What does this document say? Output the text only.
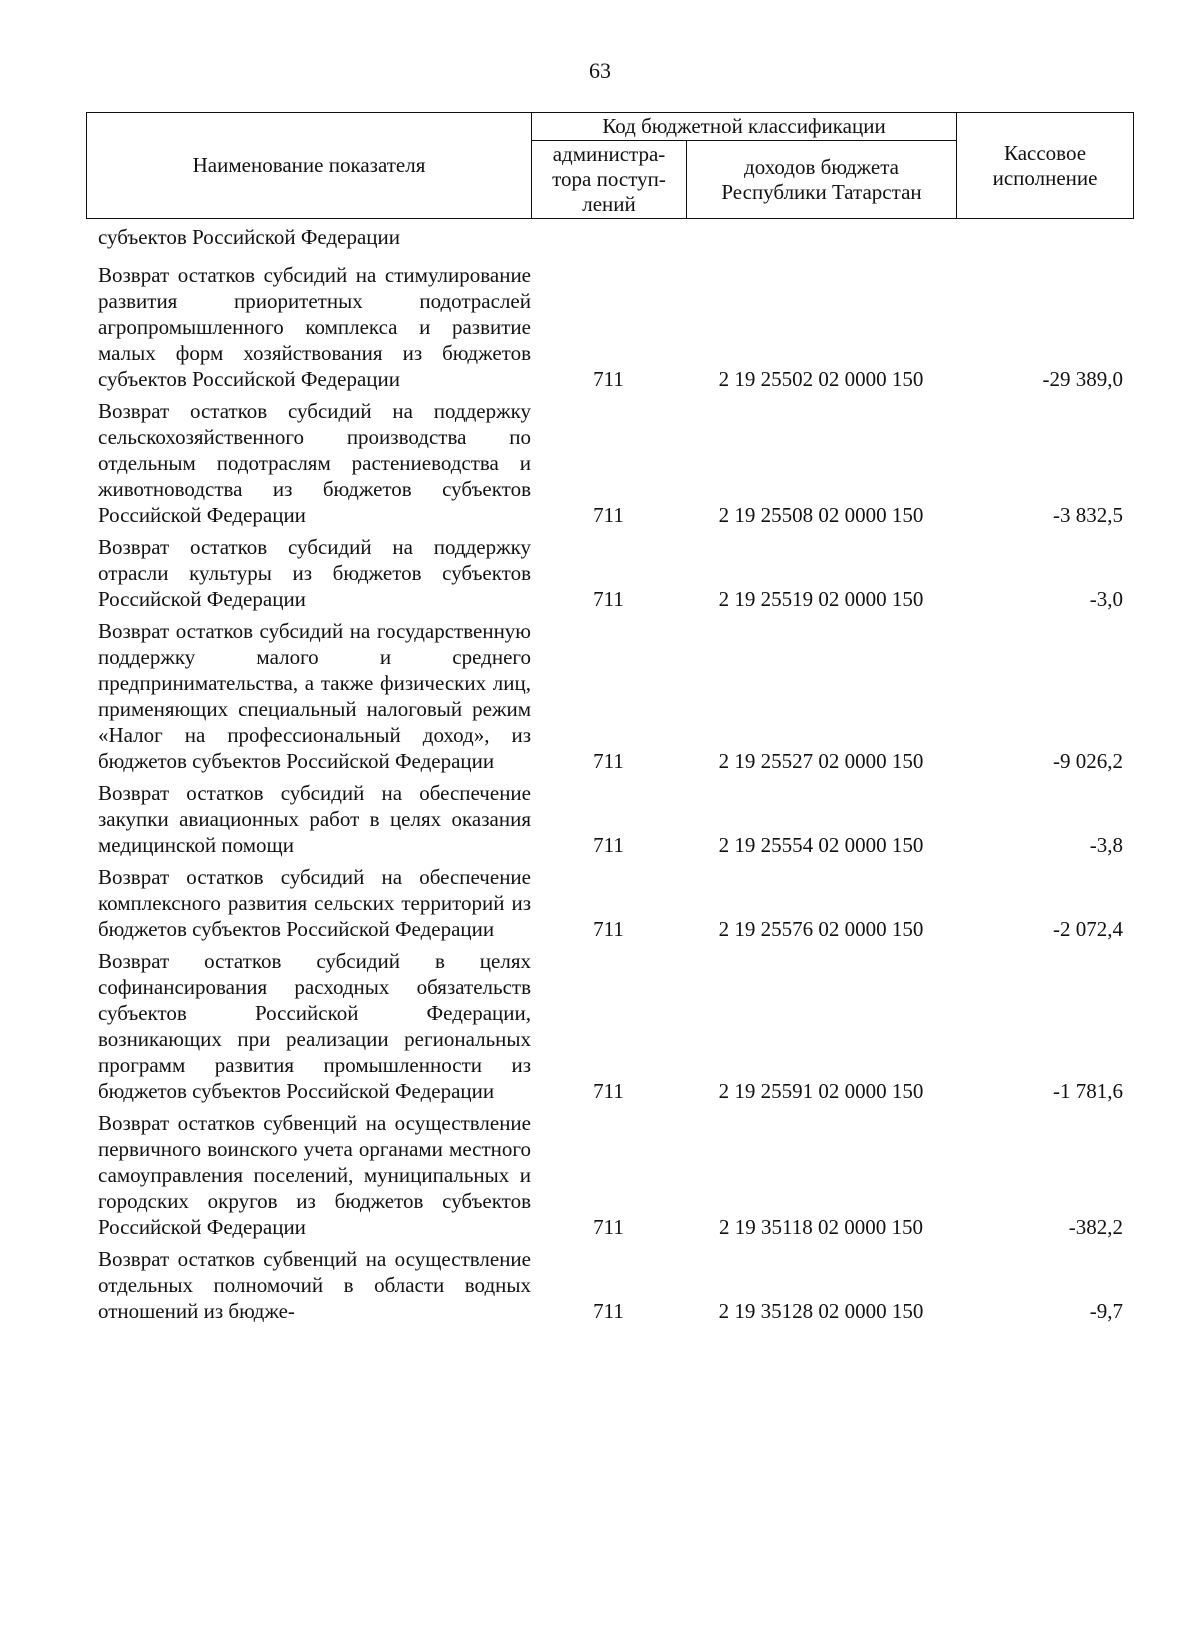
63
Наименование показателя	Код бюджетной классификации		Кассовое исполнение
	администра-тора поступ-лений	доходов бюджета Республики Татарстан	
субъектов Российской Федерации
Возврат остатков субсидий на стимулирование развития приоритетных подотраслей агропромышленного комплекса и развитие малых форм хозяйствования из бюджетов субъектов Российской Федерации	711	2 19 25502 02 0000 150	-29 389,0
Возврат остатков субсидий на поддержку сельскохозяйственного производства по отдельным подотраслям растениеводства и животноводства из бюджетов субъектов Российской Федерации	711	2 19 25508 02 0000 150	-3 832,5
Возврат остатков субсидий на поддержку отрасли культуры из бюджетов субъектов Российской Федерации	711	2 19 25519 02 0000 150	-3,0
Возврат остатков субсидий на государственную поддержку малого и среднего предпринимательства, а также физических лиц, применяющих специальный налоговый режим «Налог на профессиональный доход», из бюджетов субъектов Российской Федерации	711	2 19 25527 02 0000 150	-9 026,2
Возврат остатков субсидий на обеспечение закупки авиационных работ в целях оказания медицинской помощи	711	2 19 25554 02 0000 150	-3,8
Возврат остатков субсидий на обеспечение комплексного развития сельских территорий из бюджетов субъектов Российской Федерации	711	2 19 25576 02 0000 150	-2 072,4
Возврат остатков субсидий в целях софинансирования расходных обязательств субъектов Российской Федерации, возникающих при реализации региональных программ развития промышленности из бюджетов субъектов Российской Федерации	711	2 19 25591 02 0000 150	-1 781,6
Возврат остатков субвенций на осуществление первичного воинского учета органами местного самоуправления поселений, муниципальных и городских округов из бюджетов субъектов Российской Федерации	711	2 19 35118 02 0000 150	-382,2
Возврат остатков субвенций на осуществление отдельных полномочий в области водных отношений из бюдже-	711	2 19 35128 02 0000 150	-9,7
